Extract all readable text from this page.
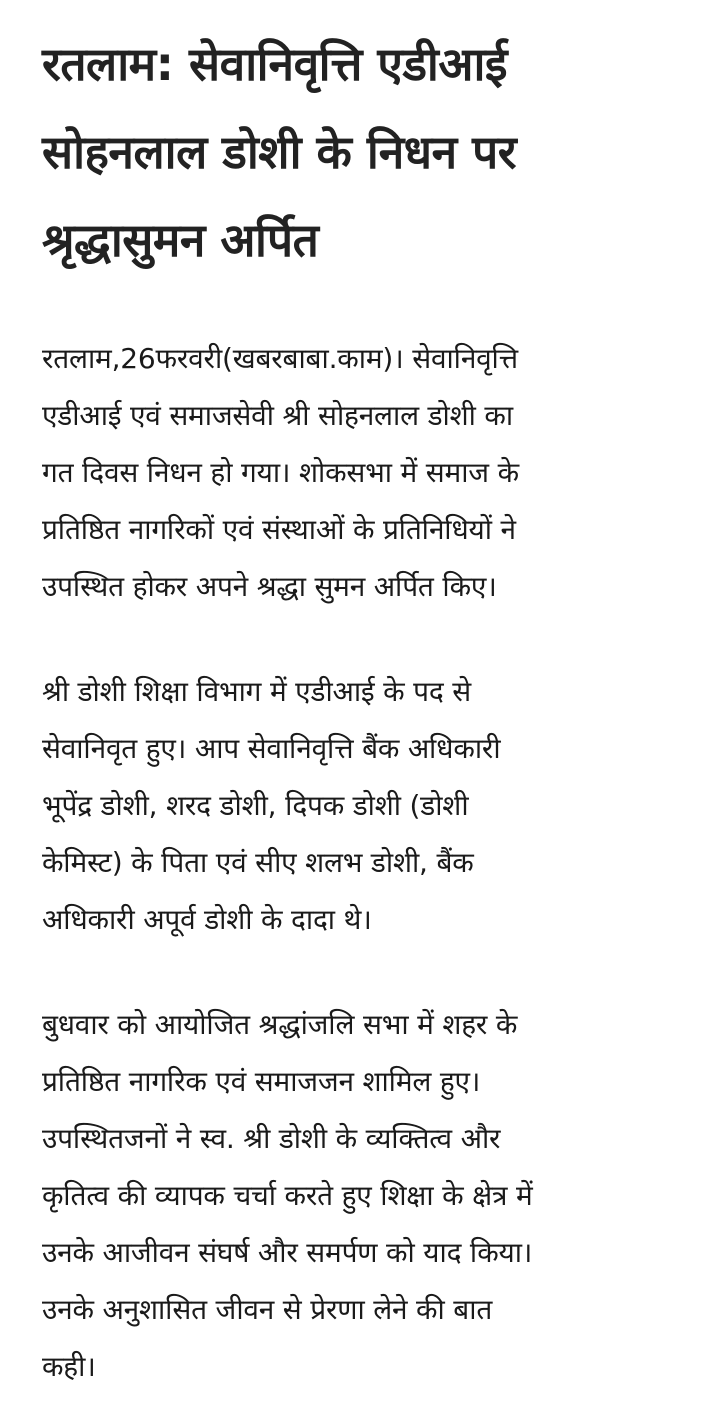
रतलाम: सेवानिवृत्ति एडीआई
सोहनलाल डोशी के निधन पर
श्रृद्धासुमन अर्पित

रतलाम,26फरवरी(खबरबाबा.काम)। सेवानिवृत्ति
एडीआई एवं समाजसेवी श्री सोहनलाल डोशी का
गत दिवस निधन हो गया। शोकसभा में समाज के
प्रतिष्ठित नागरिकों एवं संस्थाओं के प्रतिनिधियों ने
उपस्थित होकर अपने श्रद्धा सुमन अर्पित किए।

श्री डोशी शिक्षा विभाग में एडीआई के पद से
सेवानिवृत हुए। आप सेवानिवृत्ति बैंक अधिकारी
भूपेंद्र डोशी, शरद डोशी, दिपक डोशी (डोशी
केमिस्ट) के पिता एवं सीए शलभ डोशी, बैंक
अधिकारी अपूर्व डोशी के दादा थे।

बुधवार को आयोजित श्रद्धांजलि सभा में शहर के
प्रतिष्ठित नागरिक एवं समाजजन शामिल हुए।
उपस्थितजनों ने स्व. श्री डोशी के व्यक्तित्व और
कृतित्व की व्यापक चर्चा करते हुए शिक्षा के क्षेत्र में
उनके आजीवन संघर्ष और समर्पण को याद किया।
उनके अनुशासित जीवन से प्रेरणा लेने की बात
कही।
